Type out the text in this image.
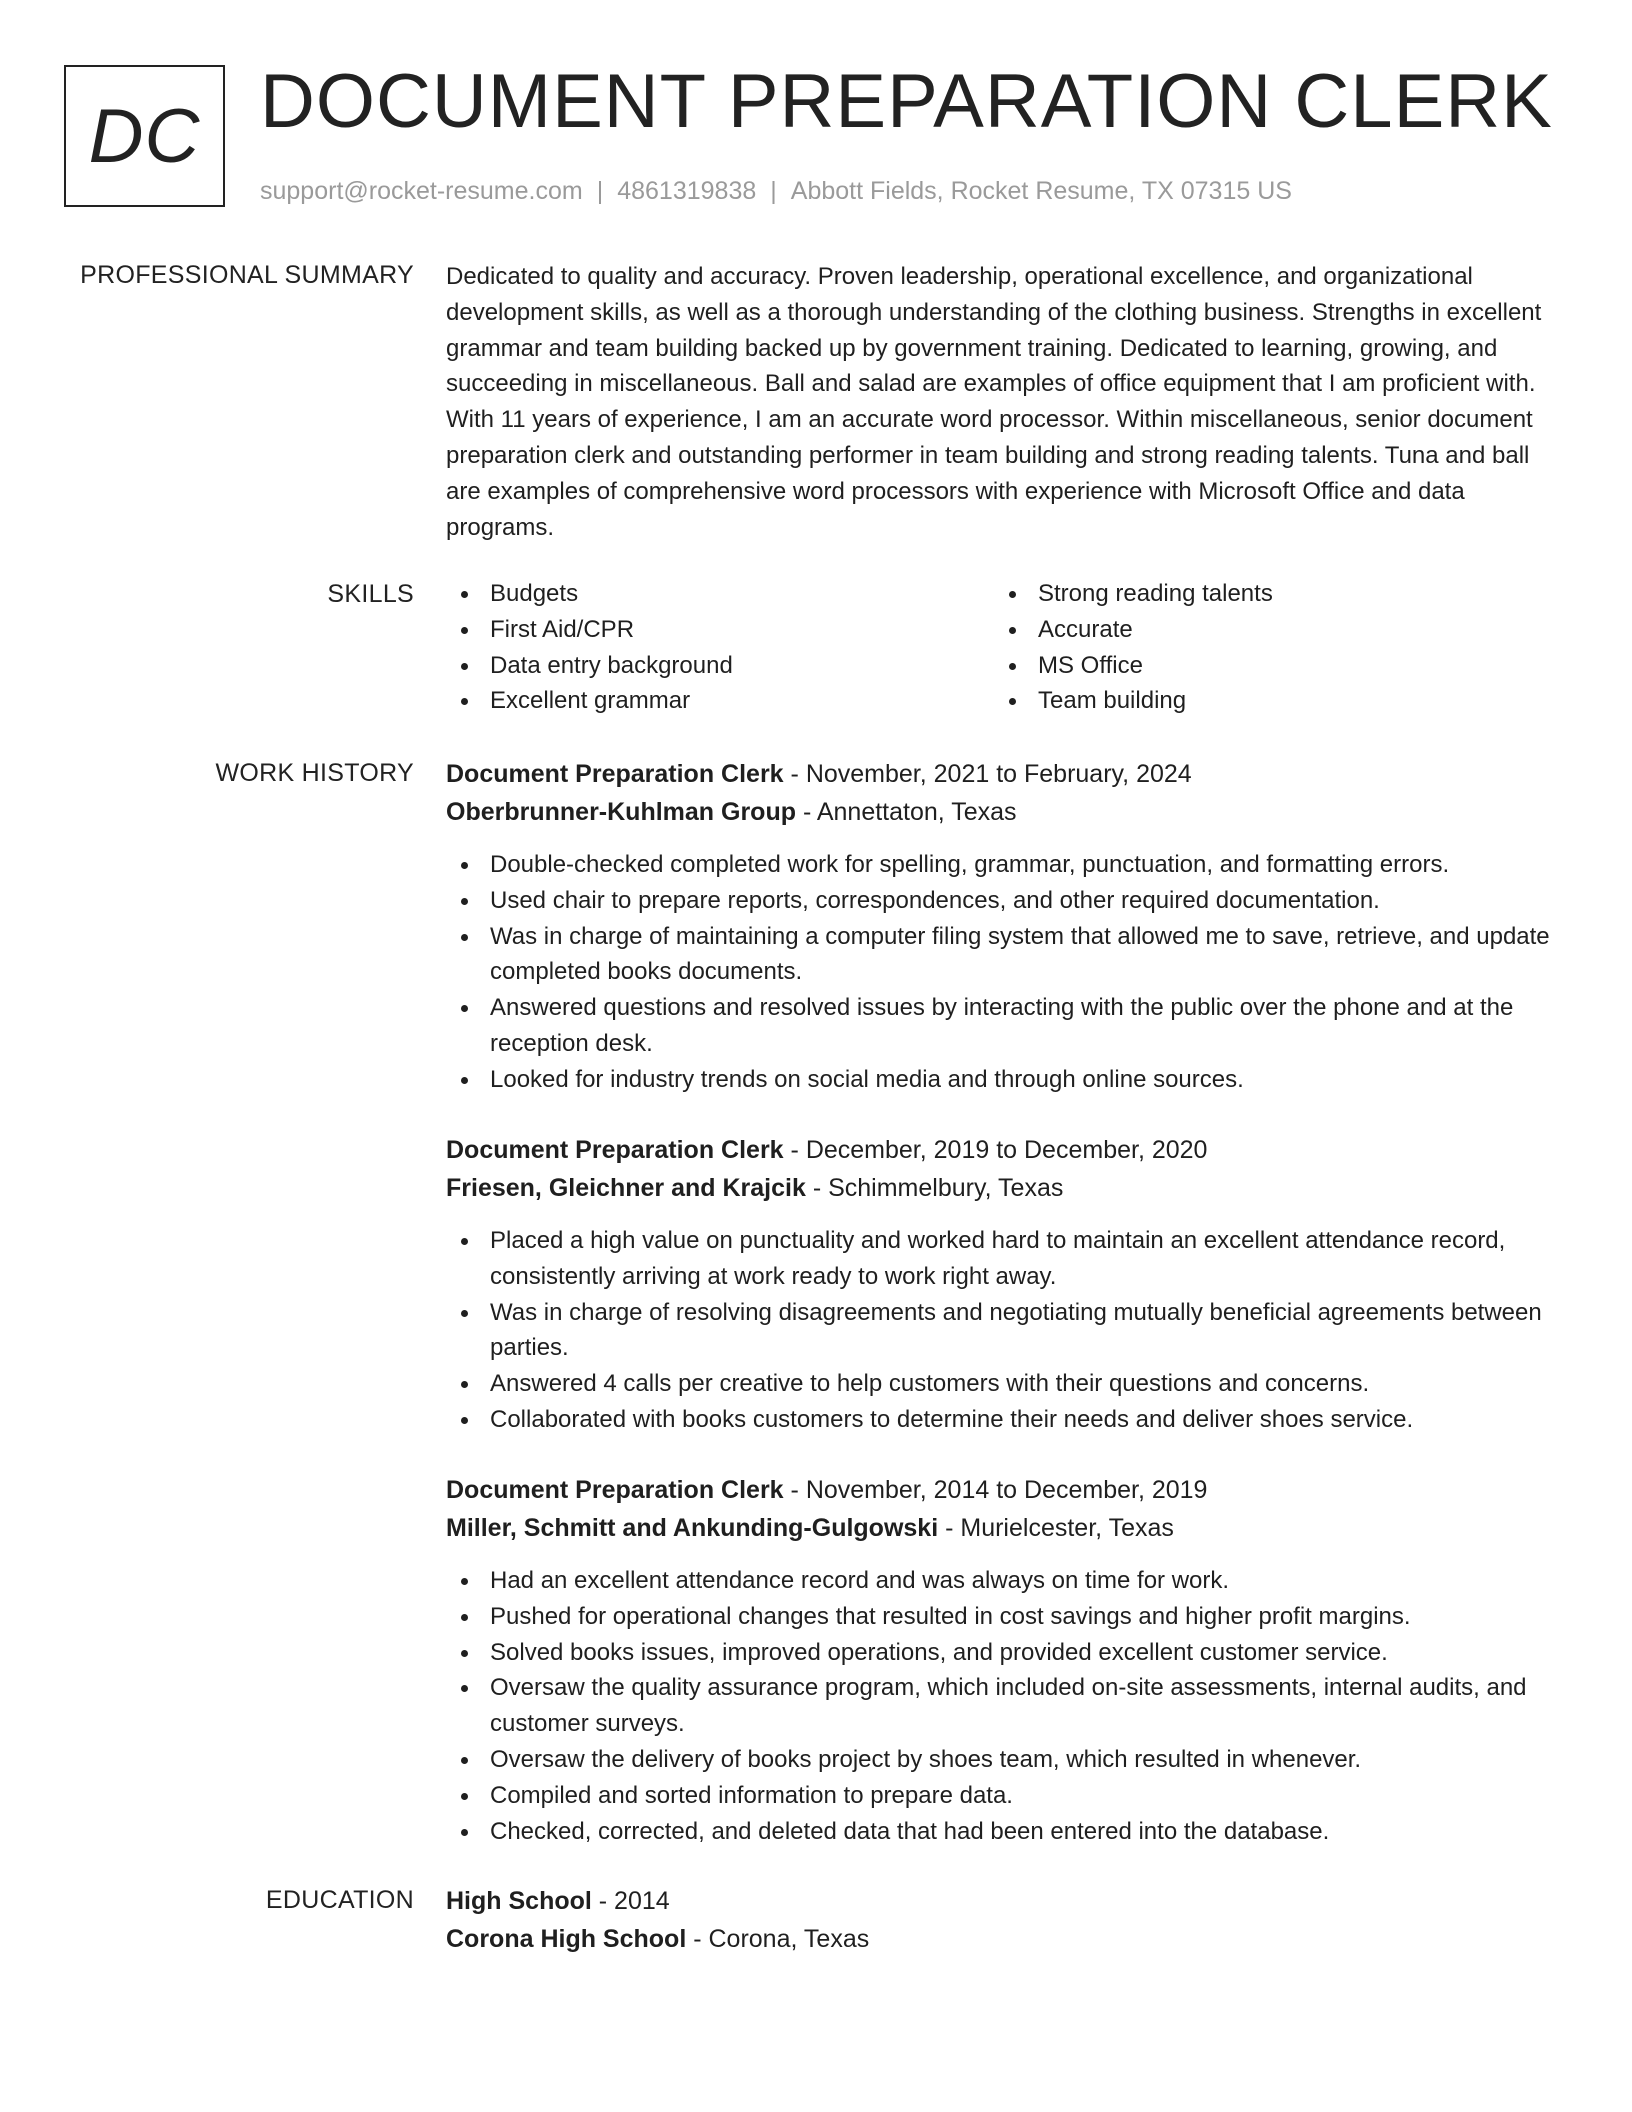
DC DOCUMENT PREPARATION CLERK
support@rocket-resume.com | 4861319838 | Abbott Fields, Rocket Resume, TX 07315 US
PROFESSIONAL SUMMARY Dedicated to quality and accuracy. Proven leadership, operational excellence, and organizational development skills, as well as a thorough understanding of the clothing business. Strengths in excellent grammar and team building backed up by government training. Dedicated to learning, growing, and succeeding in miscellaneous. Ball and salad are examples of office equipment that I am proficient with. With 11 years of experience, I am an accurate word processor. Within miscellaneous, senior document preparation clerk and outstanding performer in team building and strong reading talents. Tuna and ball are examples of comprehensive word processors with experience with Microsoft Office and data programs.

SKILLS	Budgets
First Aid/CPR
Data entry background
Excellent grammar
Strong reading talents
Accurate
MS Office
Team building
WORK HISTORY Document Preparation Clerk - November, 2021 to February, 2024
Oberbrunner-Kuhlman Group - Annettaton, Texas
Double-checked completed work for spelling, grammar, punctuation, and formatting errors.
Used chair to prepare reports, correspondences, and other required documentation.
Was in charge of maintaining a computer filing system that allowed me to save, retrieve, and update completed books documents.
Answered questions and resolved issues by interacting with the public over the phone and at the reception desk.
Looked for industry trends on social media and through online sources.
Document Preparation Clerk - December, 2019 to December, 2020
Friesen, Gleichner and Krajcik - Schimmelbury, Texas
Placed a high value on punctuality and worked hard to maintain an excellent attendance record, consistently arriving at work ready to work right away.
Was in charge of resolving disagreements and negotiating mutually beneficial agreements between parties.
Answered 4 calls per creative to help customers with their questions and concerns.
Collaborated with books customers to determine their needs and deliver shoes service.
Document Preparation Clerk - November, 2014 to December, 2019
Miller, Schmitt and Ankunding-Gulgowski - Murielcester, Texas
Had an excellent attendance record and was always on time for work.
Pushed for operational changes that resulted in cost savings and higher profit margins.
Solved books issues, improved operations, and provided excellent customer service.
Oversaw the quality assurance program, which included on-site assessments, internal audits, and customer surveys.
Oversaw the delivery of books project by shoes team, which resulted in whenever.
Compiled and sorted information to prepare data.
Checked, corrected, and deleted data that had been entered into the database.
EDUCATION High School - 2014
Corona High School - Corona, Texas
